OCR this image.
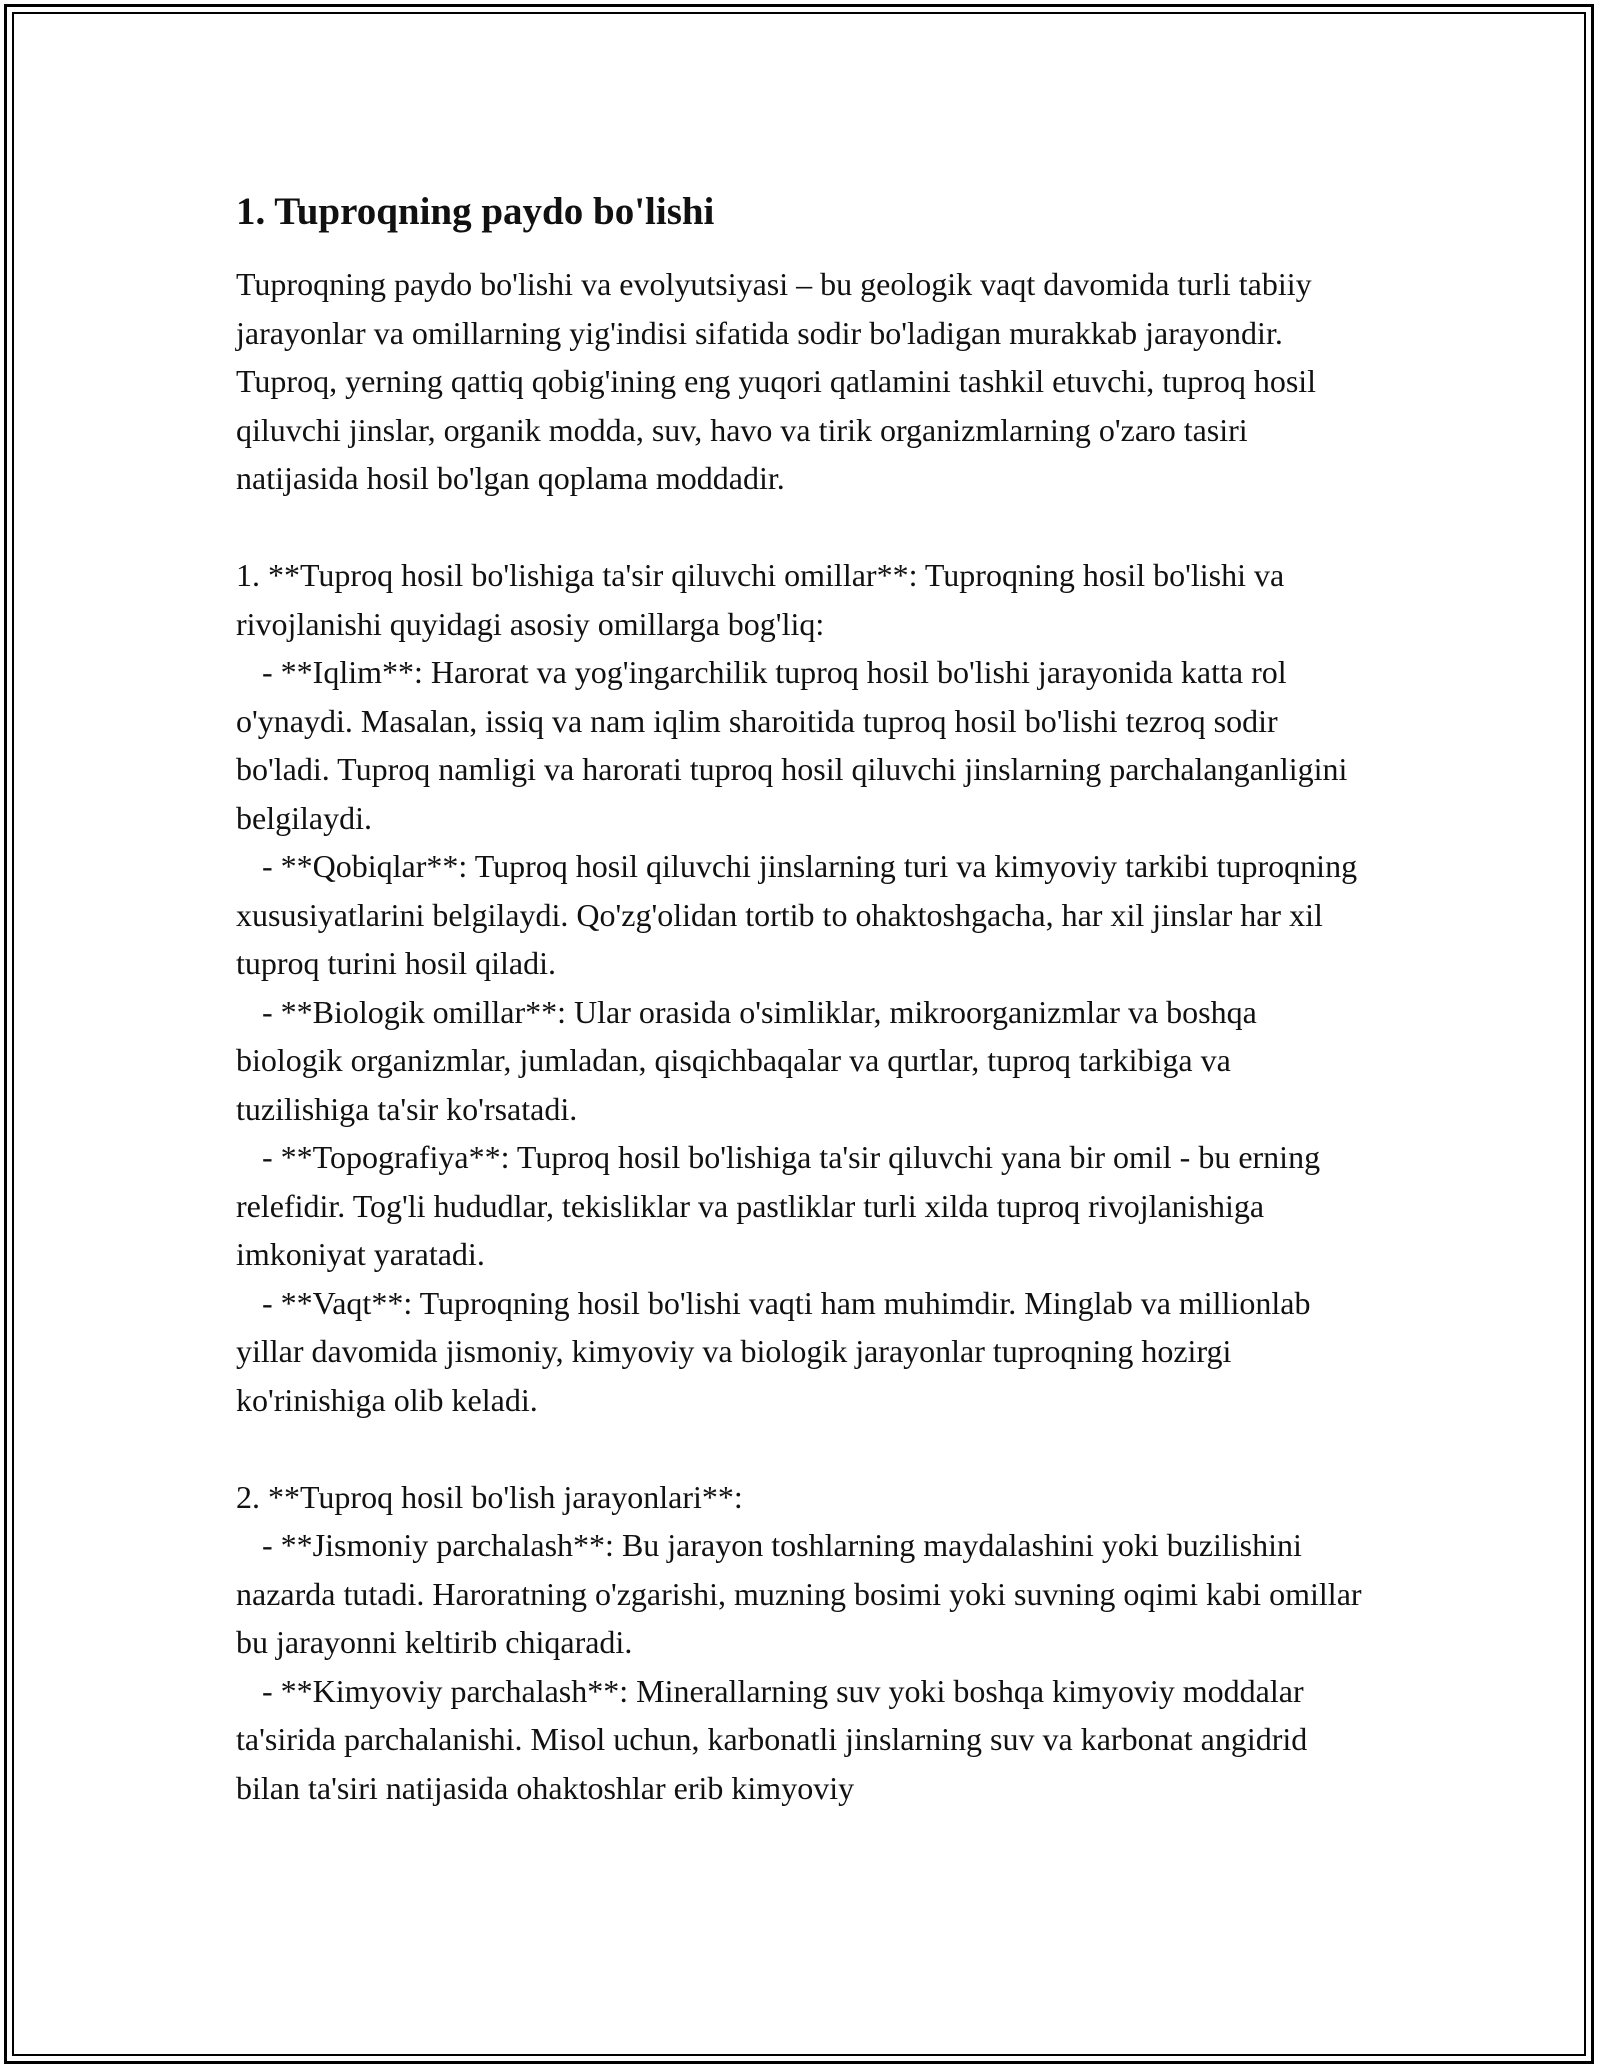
1. Tuproqning paydo bo'lishi

Tuproqning paydo bo'lishi va evolyutsiyasi – bu geologik vaqt davomida turli tabiiy jarayonlar va omillarning yig'indisi sifatida sodir bo'ladigan murakkab jarayondir. Tuproq, yerning qattiq qobig'ining eng yuqori qatlamini tashkil etuvchi, tuproq hosil qiluvchi jinslar, organik modda, suv, havo va tirik organizmlarning o'zaro tasiri natijasida hosil bo'lgan qoplama moddadir.

1. **Tuproq hosil bo'lishiga ta'sir qiluvchi omillar**: Tuproqning hosil bo'lishi va rivojlanishi quyidagi asosiy omillarga bog'liq:

- **Iqlim**: Harorat va yog'ingarchilik tuproq hosil bo'lishi jarayonida katta rol o'ynaydi. Masalan, issiq va nam iqlim sharoitida tuproq hosil bo'lishi tezroq sodir bo'ladi. Tuproq namligi va harorati tuproq hosil qiluvchi jinslarning parchalanganligini belgilaydi.

- **Qobiqlar**: Tuproq hosil qiluvchi jinslarning turi va kimyoviy tarkibi tuproqning xususiyatlarini belgilaydi. Qo'zg'olidan tortib to ohaktoshgacha, har xil jinslar har xil tuproq turini hosil qiladi.

- **Biologik omillar**: Ular orasida o'simliklar, mikroorganizmlar va boshqa biologik organizmlar, jumladan, qisqichbaqalar va qurtlar, tuproq tarkibiga va tuzilishiga ta'sir ko'rsatadi.

- **Topografiya**: Tuproq hosil bo'lishiga ta'sir qiluvchi yana bir omil - bu erning relefidir. Tog'li hududlar, tekisliklar va pastliklar turli xilda tuproq rivojlanishiga imkoniyat yaratadi.

- **Vaqt**: Tuproqning hosil bo'lishi vaqti ham muhimdir. Minglab va millionlab yillar davomida jismoniy, kimyoviy va biologik jarayonlar tuproqning hozirgi ko'rinishiga olib keladi.

2. **Tuproq hosil bo'lish jarayonlari**:

- **Jismoniy parchalash**: Bu jarayon toshlarning maydalashini yoki buzilishini nazarda tutadi. Haroratning o'zgarishi, muzning bosimi yoki suvning oqimi kabi omillar bu jarayonni keltirib chiqaradi.

- **Kimyoviy parchalash**: Minerallarning suv yoki boshqa kimyoviy moddalar ta'sirida parchalanishi. Misol uchun, karbonatli jinslarning suv va karbonat angidrid bilan ta'siri natijasida ohaktoshlar erib kimyoviy
